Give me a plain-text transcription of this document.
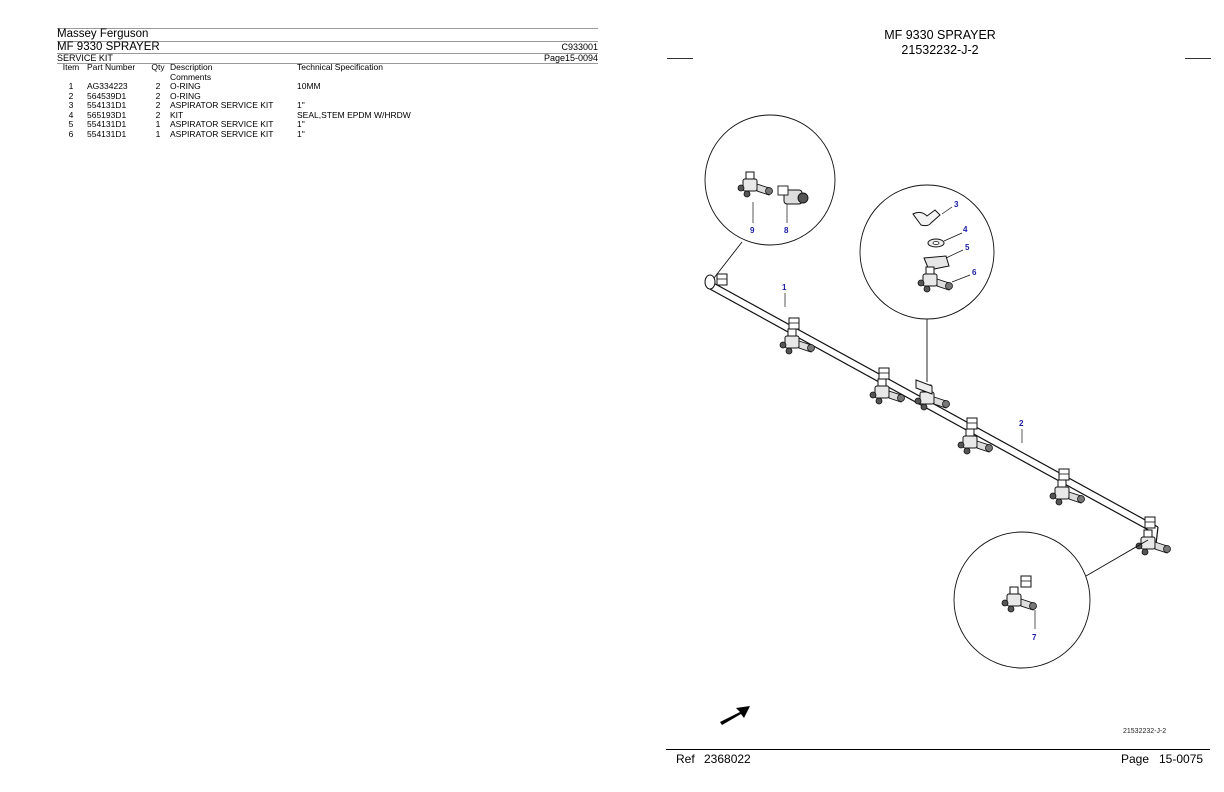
Massey Ferguson
MF 9330 SPRAYER	C933001
SERVICE KIT	Page15-0094
Item	Part Number	Qty	Description	Technical Specification
			Comments	
1	AG334223	2	O-RING	10MM
2	564539D1	2	O-RING	
3	554131D1	2	ASPIRATOR SERVICE KIT	1"
4	565193D1	2	KIT	SEAL,STEM EPDM W/HRDW
5	554131D1	1	ASPIRATOR SERVICE KIT	1"
6	554131D1	1	ASPIRATOR SERVICE KIT	1"
MF 9330 SPRAYER
21532232-J-2
9	8
3
4
5
6
7
1
2
21532232-J-2
Ref 2368022	Page 15-0075
